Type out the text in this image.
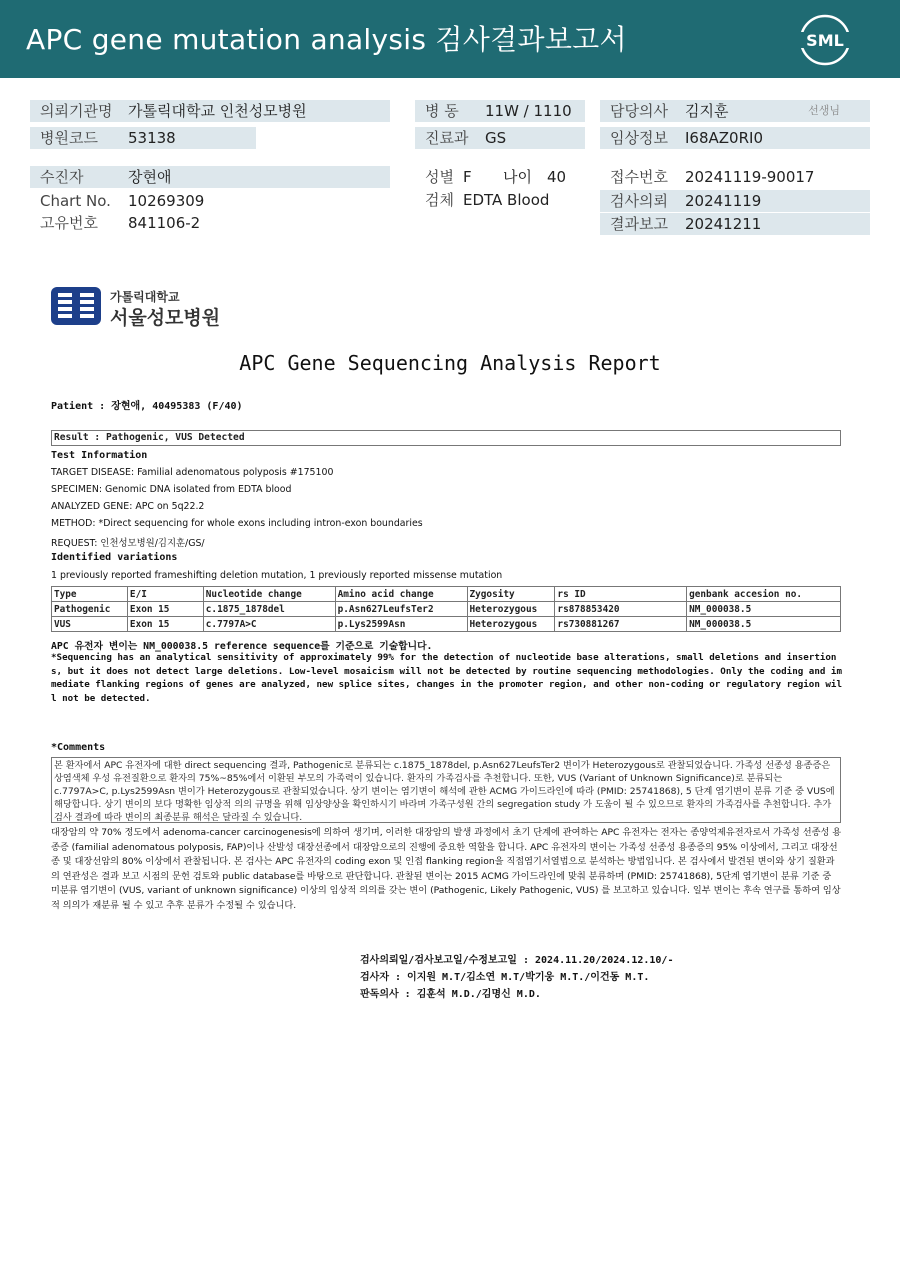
APC gene mutation analysis 검사결과보고서	SML
의뢰기관명 가톨릭대학교 인천성모병원	병 동 11W / 1110	담당의사 김지훈	선생님
병원코드 53138	진료과 GS	임상정보 I68AZ0RI0
수진자	장현애	성별 F 나이 40	접수번호 20241119-90017
Chart No. 10269309	검체 EDTA Blood	검사의뢰 20241119
고유번호 841106-2	결과보고 20241211
가톨릭대학교
서울성모병원
APC Gene Sequencing Analysis Report
Patient : 장현애, 40495383 (F/40)
Result : Pathogenic, VUS Detected
Test Information
TARGET DISEASE: Familial adenomatous polyposis #175100
SPECIMEN: Genomic DNA isolated from EDTA blood
ANALYZED GENE: APC on 5q22.2
METHOD: *Direct sequencing for whole exons including intron-exon boundaries
REQUEST: 인천성모병원/김지훈/GS/
Identified variations
1 previously reported frameshifting deletion mutation, 1 previously reported missense mutation
Type	E/I	Nucleotide change	Amino acid change	Zygosity	rs ID	genbank accesion no.
Pathogenic	Exon 15	c.1875_1878del	p.Asn627LeufsTer2	Heterozygous	rs878853420	NM_000038.5
VUS	Exon 15	c.7797A>C	p.Lys2599Asn	Heterozygous	rs730881267	NM_000038.5
APC 유전자 변이는 NM_000038.5 reference sequence를 기준으로 기술합니다.
*Sequencing has an analytical sensitivity of approximately 99% for the detection of nucleotide base alterations, small deletions and insertions, but it does not detect large deletions. Low-level mosaicism will not be detected by routine sequencing methodologies. Only the coding and immediate flanking regions of genes are analyzed, new splice sites, changes in the promoter region, and other non-coding or regulatory region will not be detected.
*Comments
본 환자에서 APC 유전자에 대한 direct sequencing 결과, Pathogenic로 분류되는 c.1875_1878del, p.Asn627LeufsTer2 변이가 Heterozygous로 관찰되었습니다. 가족성 선종성 용종증은 상염색체 우성 유전질환으로 환자의 75%~85%에서 이환된 부모의 가족력이 있습니다. 환자의 가족검사를 추천합니다. 또한, VUS (Variant of Unknown Significance)로 분류되는 c.7797A>C, p.Lys2599Asn 변이가 Heterozygous로 관찰되었습니다. 상기 변이는 염기변이 해석에 관한 ACMG 가이드라인에 따라 (PMID: 25741868), 5 단계 염기변이 분류 기준 중 VUS에 해당합니다. 상기 변이의 보다 명확한 임상적 의의 규명을 위해 임상양상을 확인하시기 바라며 가족구성원 간의 segregation study 가 도움이 될 수 있으므로 환자의 가족검사를 추천합니다. 추가 검사 결과에 따라 변이의 최종분류 해석은 달라질 수 있습니다.
대장암의 약 70% 정도에서 adenoma-cancer carcinogenesis에 의하여 생기며, 이러한 대장암의 발생 과정에서 초기 단계에 관여하는 APC 유전자는 전자는 종양억제유전자로서 가족성 선종성 용종증 (familial adenomatous polyposis, FAP)이나 산발성 대장선종에서 대장암으로의 진행에 중요한 역할을 합니다. APC 유전자의 변이는 가족성 선종성 용종증의 95% 이상에서, 그리고 대장선종 및 대장선암의 80% 이상에서 관찰됩니다. 본 검사는 APC 유전자의 coding exon 및 인접 flanking region을 직접염기서열법으로 분석하는 방법입니다. 본 검사에서 발견된 변이와 상기 질환과의 연관성은 결과 보고 시점의 문헌 검토와 public database를 바탕으로 판단합니다. 관찰된 변이는 2015 ACMG 가이드라인에 맞춰 분류하며 (PMID: 25741868), 5단계 염기변이 분류 기준 중 미분류 염기변이 (VUS, variant of unknown significance) 이상의 임상적 의의를 갖는 변이 (Pathogenic, Likely Pathogenic, VUS) 를 보고하고 있습니다. 일부 변이는 후속 연구를 통하여 임상적 의의가 재분류 될 수 있고 추후 분류가 수정될 수 있습니다.
검사의뢰일/검사보고일/수정보고일 : 2024.11.20/2024.12.10/-
검사자 : 이지원 M.T/김소연 M.T/박기웅 M.T./이건동 M.T.
판독의사 : 김훈석 M.D./김명신 M.D.
